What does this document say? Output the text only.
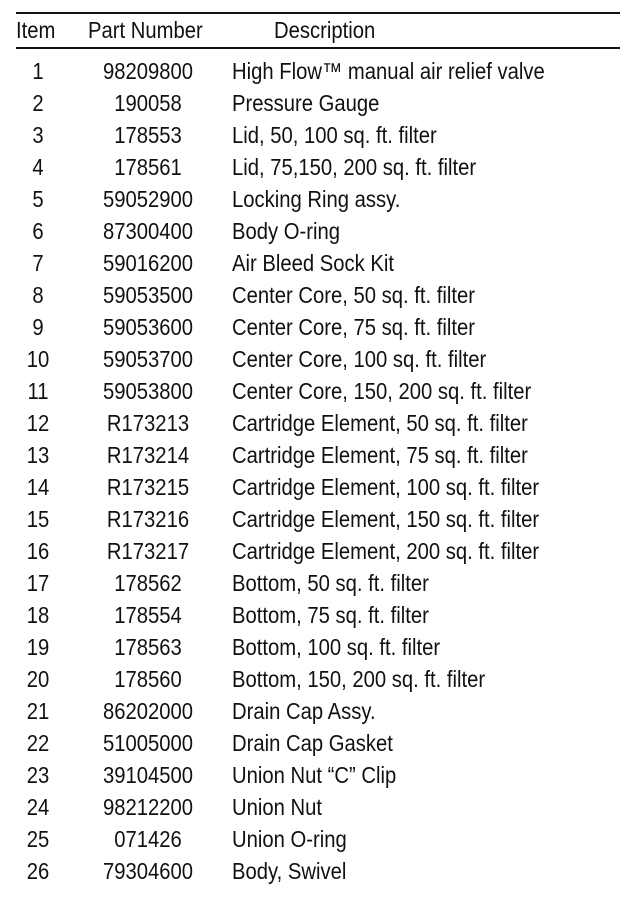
Item Part Number	Description
1	98209800 High Flow™ manual air relief valve
2	190058 Pressure Gauge
3	178553 Lid, 50, 100 sq. ft. filter
4	178561 Lid, 75,150, 200 sq. ft. filter
5	59052900 Locking Ring assy.
6	87300400 Body O-ring
7	59016200 Air Bleed Sock Kit
8	59053500 Center Core, 50 sq. ft. filter
9	59053600 Center Core, 75 sq. ft. filter
10 59053700 Center Core, 100 sq. ft. filter
11 59053800 Center Core, 150, 200 sq. ft. filter
12	R173213 Cartridge Element, 50 sq. ft. filter
13	R173214 Cartridge Element, 75 sq. ft. filter
14	R173215 Cartridge Element, 100 sq. ft. filter
15	R173216 Cartridge Element, 150 sq. ft. filter
16	R173217 Cartridge Element, 200 sq. ft. filter
17	178562 Bottom, 50 sq. ft. filter
18	178554 Bottom, 75 sq. ft. filter
19	178563 Bottom, 100 sq. ft. filter
20	178560 Bottom, 150, 200 sq. ft. filter
21 86202000 Drain Cap Assy.
22 51005000 Drain Cap Gasket
23 39104500 Union Nut “C” Clip
24 98212200 Union Nut
25	071426 Union O-ring
26 79304600 Body, Swivel
